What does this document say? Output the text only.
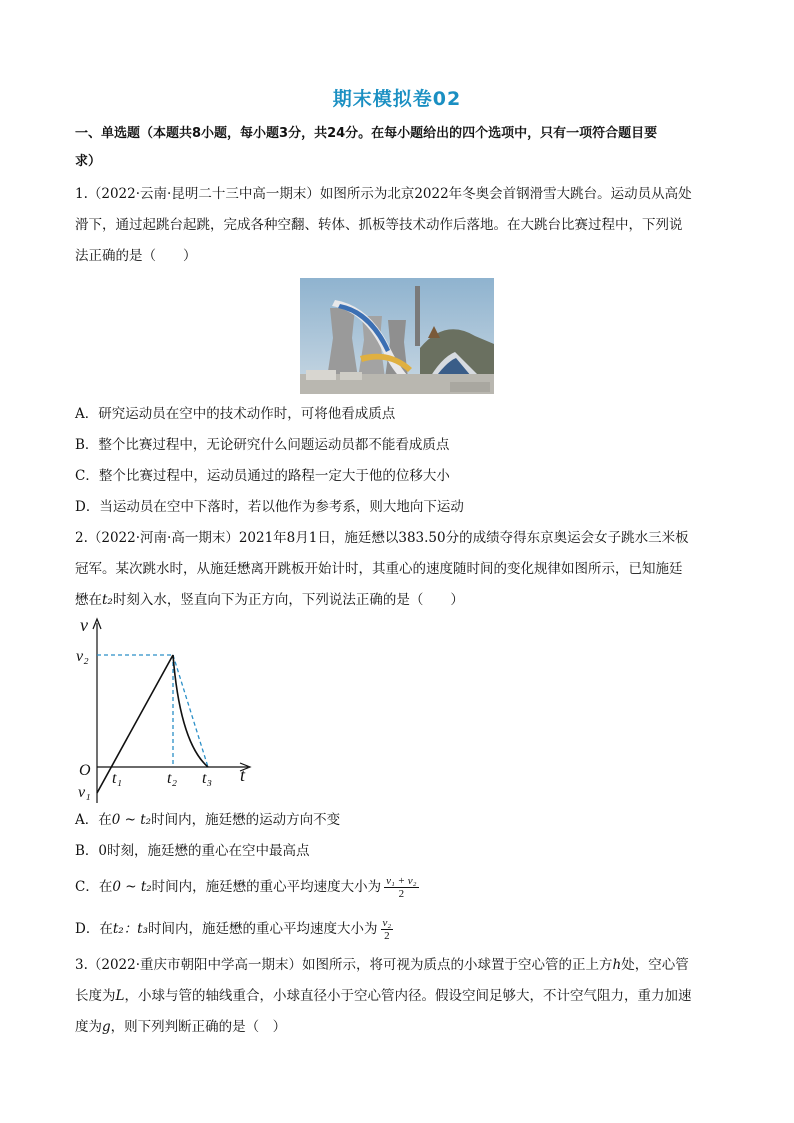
期末模拟卷02
一、单选题（本题共8小题，每小题3分，共24分。在每小题给出的四个选项中，只有一项符合题目要
求）
1.（2022·云南·昆明二十三中高一期末）如图所示为北京2022年冬奥会首钢滑雪大跳台。运动员从高处
滑下，通过起跳台起跳，完成各种空翻、转体、抓板等技术动作后落地。在大跳台比赛过程中，下列说
法正确的是（　　）
A．研究运动员在空中的技术动作时，可将他看成质点
B．整个比赛过程中，无论研究什么问题运动员都不能看成质点
C．整个比赛过程中，运动员通过的路程一定大于他的位移大小
D．当运动员在空中下落时，若以他作为参考系，则大地向下运动
2.（2022·河南·高一期末）2021年8月1日，施廷懋以383.50分的成绩夺得东京奥运会女子跳水三米板
冠军。某次跳水时，从施廷懋离开跳板开始计时，其重心的速度随时间的变化规律如图所示，已知施廷
懋在t₂时刻入水，竖直向下为正方向，下列说法正确的是（　　）
v
v₂
O
v₁
t₁	t₂ t₃ t
A．在0 ~ t₂时间内，施廷懋的运动方向不变
B．0时刻，施廷懋的重心在空中最高点
C．在0 ~ t₂时间内，施廷懋的重心平均速度大小为 $\frac{\text{v₁ + v₂}}{2}$
D．在t₂：t₃时间内，施廷懋的重心平均速度大小为 $\frac{\text{v₂}}{2}$
3.（2022·重庆市朝阳中学高一期末）如图所示，将可视为质点的小球置于空心管的正上方h处，空心管
长度为L，小球与管的轴线重合，小球直径小于空心管内径。假设空间足够大，不计空气阻力，重力加速
度为g，则下列判断正确的是（　）
